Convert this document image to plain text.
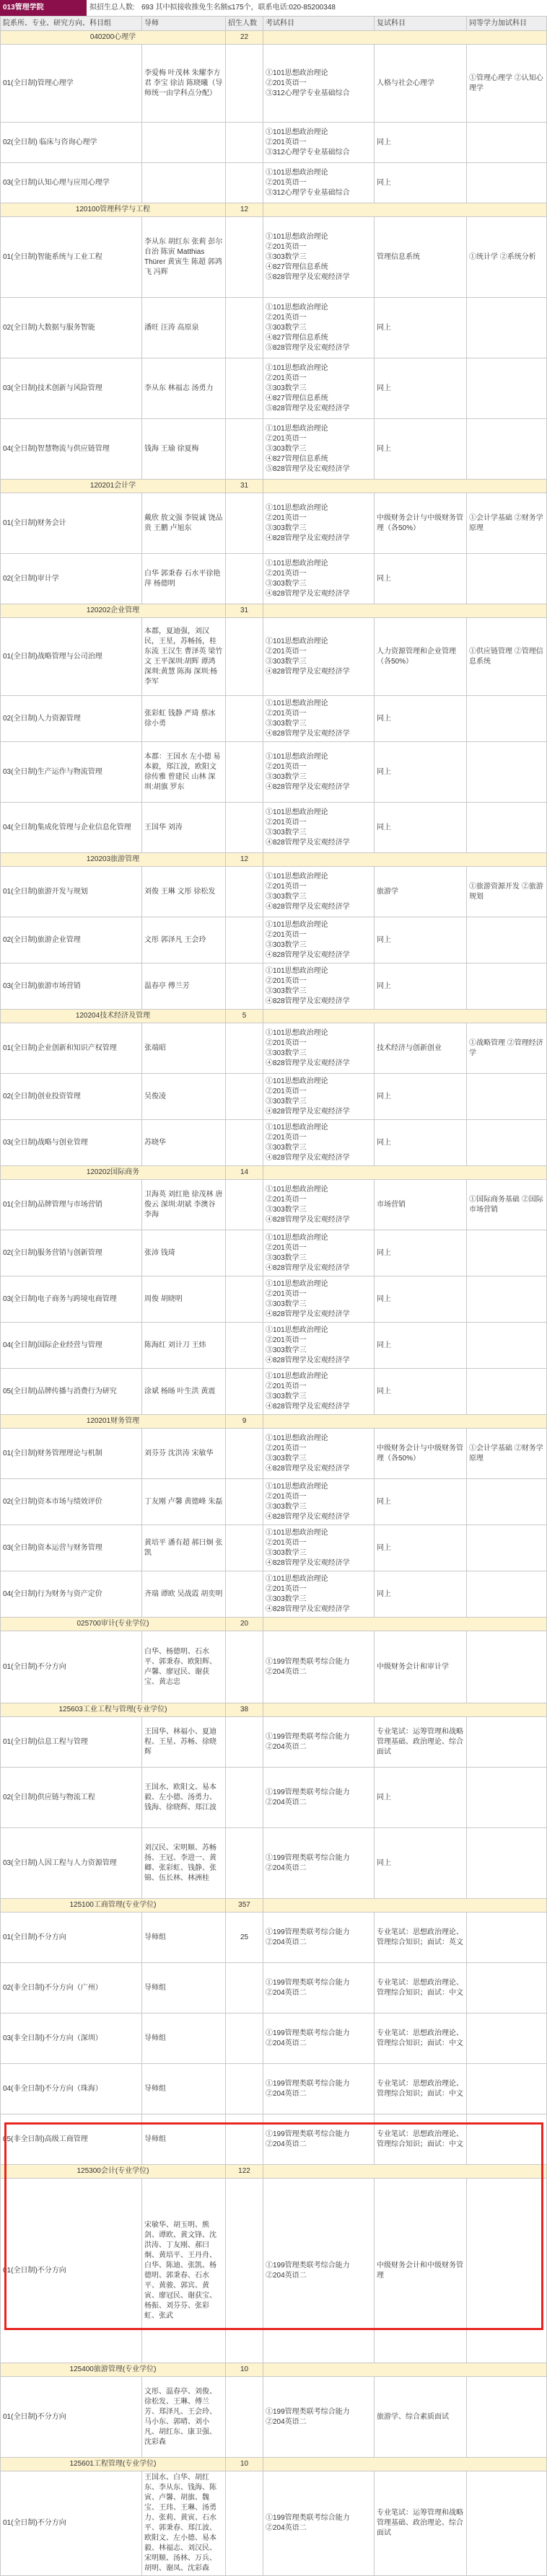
013管理学院	拟招生总人数:	693 其中拟接收推免生名额≤175个，联系电话:020-85200348
院系所、专业、研究方向、科目组	导师	招生人数	考试科目	复试科目	同等学力加试科目
040200心理学		22			
01(全日制)管理心理学	李爱梅 叶茂林 朱耀李方君 李宝 徐洁 陈晓曦（导师统一由学科点分配）		①101思想政治理论
②201英语一
③312心理学专业基础综合	人格与社会心理学	①管理心理学 ②认知心理学
02(全日制) 临床与咨询心理学			①101思想政治理论
②201英语一
③312心理学专业基础综合	同上	
03(全日制)认知心理与应用心理学			①101思想政治理论
②201英语一
③312心理学专业基础综合	同上	
120100管理科学与工程		12			
01(全日制)智能系统与工业工程	李从东 胡红东 张莉 彭尔 自治 陈寅 Matthias Thürer 黄寅生 陈超 郭鸿飞 冯辉		①101思想政治理论
②201英语一
③303数学三
④827管理信息系统
⑤828管理学及宏观经济学	管理信息系统	①统计学 ②系统分析
02(全日制)大数据与服务智能	潘旺 汪涛 高原泉		①101思想政治理论
②201英语一
③303数学三
④827管理信息系统
⑤828管理学及宏观经济学	同上	
03(全日制)技术创新与风险管理	李从东 林福志 汤勇力		①101思想政治理论
②201英语一
③303数学三
④827管理信息系统
⑤828管理学及宏观经济学	同上	
04(全日制)智慧物流与供应链管理	钱海 王瑜 徐夏梅		①101思想政治理论
②201英语一
③303数学三
④827管理信息系统
⑤828管理学及宏观经济学	同上	
120201会计学		31			
01(全日制)财务会计	戴欣 敖文强 李锐诚 饶品贵 王鹏 卢旭东		①101思想政治理论
②201英语一
③303数学三
④828管理学及宏观经济学	中级财务会计与中级财务管理（各50%）	①会计学基础 ②财务学原理
02(全日制)审计学	白华 郭秉春 石水平徐艳萍 杨德明		①101思想政治理论
②201英语一
③303数学三
④828管理学及宏观经济学	同上	
120202企业管理		31			
01(全日制)战略管理与公司治理	本郡，夏迪强，刘汉民，王星，苏畅扬，桂东流 王汉生 曹泽英 梁竹文 王平深圳:胡辉 谭鸿 深圳:黄慧 陈海 深圳:杨李军		①101思想政治理论
②201英语一
③303数学三
④828管理学及宏观经济学	人力资源管理和企业管理（各50%）	①供应链管理 ②管理信息系统
02(全日制)人力资源管理	张彩虹 钱静 严琦 蔡冰 徐小勇		①101思想政治理论
②201英语一
③303数学三
④828管理学及宏观经济学	同上	
03(全日制)生产运作与物流管理	本郡：王国水 左小德 易本毅，郑江波，欧阳文 徐传雅 曾建民 山林 深圳:胡旗 罗东		①101思想政治理论
②201英语一
③303数学三
④828管理学及宏观经济学	同上	
04(全日制)集成化管理与企业信息化管理	王国华 刘涛		①101思想政治理论
②201英语一
③303数学三
④828管理学及宏观经济学	同上	
120203旅游管理		12			
01(全日制)旅游开发与规划	刘俊 王琳 文彤 徐松发		①101思想政治理论
②201英语一
③303数学三
④828管理学及宏观经济学	旅游学	①旅游资源开发 ②旅游规划
02(全日制)旅游企业管理	文彤 郭泽凡 王会玲		①101思想政治理论
②201英语一
③303数学三
④828管理学及宏观经济学	同上	
03(全日制)旅游市场营销	温春亭 傅兰芳		①101思想政治理论
②201英语一
③303数学三
④828管理学及宏观经济学	同上	
120204技术经济及管理		5			
01(全日制)企业创新和知识产权管理	张端昭		①101思想政治理论
②201英语一
③303数学三
④828管理学及宏观经济学	技术经济与创新创业	①战略管理 ②管理经济学
02(全日制)创业投资管理	吴俊凌		①101思想政治理论
②201英语一
③303数学三
④828管理学及宏观经济学	同上	
03(全日制)战略与创业管理	苏晓华		①101思想政治理论
②201英语一
③303数学三
④828管理学及宏观经济学	同上	
120202国际商务		14			
01(全日制)品牌管理与市场营销	卫海英 刘红艳 徐茂林 唐俊云 深圳:胡斌 李澳谷 李海		①101思想政治理论
②201英语一
③303数学三
④828管理学及宏观经济学	市场营销	①国际商务基础 ②国际市场营销
02(全日制)服务营销与创新管理	张沛 钱琦		①101思想政治理论
②201英语一
③303数学三
④828管理学及宏观经济学	同上	
03(全日制)电子商务与跨境电商管理	周俊 胡晓明		①101思想政治理论
②201英语一
③303数学三
④828管理学及宏观经济学	同上	
04(全日制)国际企业经营与管理	陈海红 刘计刀 王炜		①101思想政治理论
②201英语一
③303数学三
④828管理学及宏观经济学	同上	
05(全日制)品牌传播与消费行为研究	涂斌 杨旸 叶生洪 黄震		①101思想政治理论
②201英语一
③303数学三
④828管理学及宏观经济学	同上	
120201财务管理		9			
01(全日制)财务管理理论与机制	刘芬芬 沈洪涛 宋敏华		①101思想政治理论
②201英语一
③303数学三
④828管理学及宏观经济学	中级财务会计与中级财务管理（各50%）	①会计学基础 ②财务学原理
02(全日制)资本市场与绩效评价	丁友刚 卢馨 黄德峰 朱磊		①101思想政治理论
②201英语一
③303数学三
④828管理学及宏观经济学	同上	
03(全日制)资本运营与财务管理	黄培平 潘有超 郝曰炯 张凯		①101思想政治理论
②201英语一
③303数学三
④828管理学及宏观经济学	同上	
04(全日制)行为财务与资产定价	齐瑞 谭欧 吴战霞 胡奕明		①101思想政治理论
②201英语一
③303数学三
④828管理学及宏观经济学	同上	
025700审计(专业学位)		20			
01(全日制)不分方向	白华、杨德明、石水平、郭秉春、欧阳辉、卢馨、廖冠民、谢获宝、黄志忠		①199管理类联考综合能力
②204英语二	中级财务会计和审计学	
125603工业工程与管理(专业学位)		38			
01(全日制)信息工程与管理	王国华、林福小、夏迪程、王星、苏畅、徐晓辉		①199管理类联考综合能力
②204英语二	专业笔试：运筹管理和战略管理基础、政治理论、综合面试	
02(全日制)供应链与物流工程	王国水、欧阳文、易本毅、左小德、汤勇力、钱海、徐晓辉、郑江波		①199管理类联考综合能力
②204英语二	同上	
03(全日制)人因工程与人力资源管理	刘汉民、宋明顺、苏畅扬、王冠、李进一、黄卿、张彩虹、钱静、张锦、伍长林、林洲桂		①199管理类联考综合能力
②204英语二	同上	
125100工商管理(专业学位)		357			
01(全日制)不分方向	导师组	25	①199管理类联考综合能力
②204英语二	专业笔试：思想政治理论、管理综合知识；面试：英文	
02(非全日制)不分方向（广州）	导师组		①199管理类联考综合能力
②204英语二	专业笔试：思想政治理论、管理综合知识；面试：中文	
03(非全日制)不分方向（深圳）	导师组		①199管理类联考综合能力
②204英语二	专业笔试：思想政治理论、管理综合知识；面试：中文	
04(非全日制)不分方向（珠海）	导师组		①199管理类联考综合能力
②204英语二	专业笔试：思想政治理论、管理综合知识；面试：中文	
05(非全日制)高级工商管理	导师组		①199管理类联考综合能力
②204英语二	专业笔试：思想政治理论、管理综合知识；面试：中文	
125300会计(专业学位)		122			
01(全日制)不分方向	宋敏华、胡玉明、熊剑、谭欧、黄文锋、沈洪涛、丁友刚、郝曰炯、黄培平、王丹舟、白华、陈迪、张凯、杨德明、郭秉春、石水平、黄骏、郭宾、黄寅、廖冠民、谢获宝、杨振、刘芬芬、张彩虹、张武		①199管理类联考综合能力
②204英语二	中级财务会计和中级财务管理	
125400旅游管理(专业学位)		10			
01(全日制)不分方向	文彤、温春亭、刘俊、徐松发、王琳、傅兰芳、郑泽凡、王会玲、马小东、郭晴、刘小凡、胡红东、康卫强、沈彩森		①199管理类联考综合能力
②204英语二	旅游学、综合素质面试	
125601工程管理(专业学位)		10			
01(全日制)不分方向	王国水、白华、胡红东、李从东、钱海、陈寅、卢馨、胡旗、魏宝、王玮、王琳、汤勇力、张莉、黄寅、石水平、郭秉春、郑江波、欧阳文、左小德、易本毅、林福志、刘汉民、宋明顺、汤林、万兵、胡明、谢凤、沈彩森		①199管理类联考综合能力
②204英语二	专业笔试：运筹管理和战略管理基础、政治理论、综合面试	
